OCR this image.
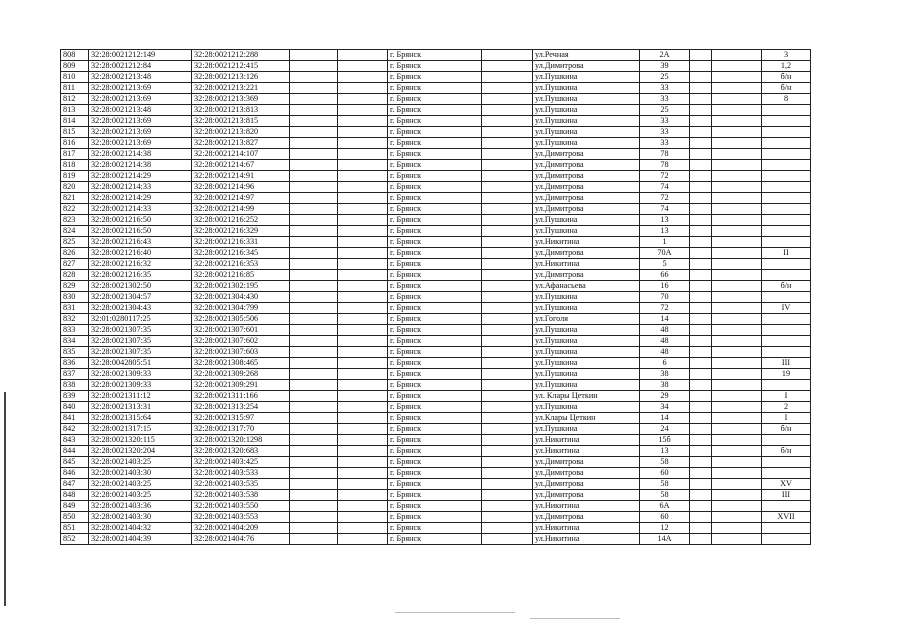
808	32:28:0021212:149	32:28:0021212:288			г. Брянск		ул.Речная	2А			3
809	32:28:0021212:84	32:28:0021212:415			г. Брянск		ул.Димитрова	39			1,2
810	32:28:0021213:48	32:28:0021213:126			г. Брянск		ул.Пушкина	25			б/н
811	32:28:0021213:69	32:28:0021213:221			г. Брянск		ул.Пушкина	33			б/н
812	32:28:0021213:69	32:28:0021213:369			г. Брянск		ул.Пушкина	33			8
813	32:28:0021213:48	32:28:0021213:813			г. Брянск		ул.Пушкина	25			
814	32:28:0021213:69	32:28:0021213:815			г. Брянск		ул.Пушкина	33			
815	32:28:0021213:69	32:28:0021213:820			г. Брянск		ул.Пушкина	33			
816	32:28:0021213:69	32:28:0021213:827			г. Брянск		ул.Пушкина	33			
817	32:28:0021214:38	32:28:0021214:107			г. Брянск		ул.Димитрова	78			
818	32:28:0021214:38	32:28:0021214:67			г. Брянск		ул.Димитрова	78			
819	32:28:0021214:29	32:28:0021214:91			г. Брянск		ул.Димитрова	72			
820	32:28:0021214:33	32:28:0021214:96			г. Брянск		ул.Димитрова	74			
821	32:28:0021214:29	32:28:0021214:97			г. Брянск		ул.Димитрова	72			
822	32:28:0021214:33	32:28:0021214:99			г. Брянск		ул.Димитрова	74			
823	32:28:0021216:50	32:28:0021216:252			г. Брянск		ул.Пушкина	13			
824	32:28:0021216:50	32:28:0021216:329			г. Брянск		ул.Пушкина	13			
825	32:28:0021216:43	32:28:0021216:331			г. Брянск		ул.Никитина	1			
826	32:28:0021216:40	32:28:0021216:345			г. Брянск		ул.Димитрова	70А			II
827	32:28:0021216:32	32:28:0021216:353			г. Брянск		ул.Никитина	5			
828	32:28:0021216:35	32:28:0021216:85			г. Брянск		ул.Димитрова	66			
829	32:28:0021302:50	32:28:0021302:195			г. Брянск		ул.Афанасьева	16			б/н
830	32:28:0021304:57	32:28:0021304:430			г. Брянск		ул.Пушкина	70			
831	32:28:0021304:43	32:28:0021304:799			г. Брянск		ул.Пушкина	72			IV
832	32:01:0280117:25	32:28:0021305:506			г. Брянск		ул.Гоголя	14			
833	32:28:0021307:35	32:28:0021307:601			г. Брянск		ул.Пушкина	48			
834	32:28:0021307:35	32:28:0021307:602			г. Брянск		ул.Пушкина	48			
835	32:28:0021307:35	32:28:0021307:603			г. Брянск		ул.Пушкина	48			
836	32:28:0042805:51	32:28:0021308:465			г. Брянск		ул.Пушкина	6			III
837	32:28:0021309:33	32:28:0021309:268			г. Брянск		ул.Пушкина	38			19
838	32:28:0021309:33	32:28:0021309:291			г. Брянск		ул.Пушкина	38			
839	32:28:0021311:12	32:28:0021311:166			г. Брянск		ул. Клары Цеткин	29			I
840	32:28:0021313:31	32:28:0021313:254			г. Брянск		ул.Пушкина	34			2
841	32:28:0021315:64	32:28:0021315:97			г. Брянск		ул.Клары Цеткин	14			I
842	32:28:0021317:15	32:28:0021317:70			г. Брянск		ул.Пушкина	24			б/н
843	32:28:0021320:115	32:28:0021320:1298			г. Брянск		ул.Никитина	15б			
844	32:28:0021320:204	32:28:0021320:683			г. Брянск		ул.Никитина	13			б/н
845	32:28:0021403:25	32:28:0021403:425			г. Брянск		ул.Димитрова	58			
846	32:28:0021403:30	32:28:0021403:533			г. Брянск		ул.Димитрова	60			
847	32:28:0021403:25	32:28:0021403:535			г. Брянск		ул.Димитрова	58			XV
848	32:28:0021403:25	32:28:0021403:538			г. Брянск		ул.Димитрова	58			III
849	32:28:0021403:36	32:28:0021403:550			г. Брянск		ул.Никитина	6А			
850	32:28:0021403:30	32:28:0021403:553			г. Брянск		ул.Димитрова	60			XVII
851	32:28:0021404:32	32:28:0021404:209			г. Брянск		ул.Никитина	12			
852	32:28:0021404:39	32:28:0021404:76			г. Брянск		ул.Никитина	14А			
